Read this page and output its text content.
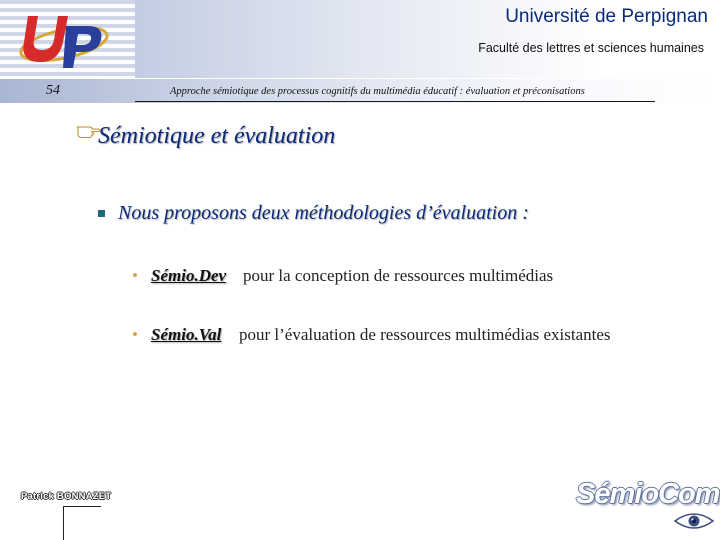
Université de Perpignan
Faculté des lettres et sciences humaines
54	Approche sémiotique des processus cognitifs du multimédia éducatif : évaluation et préconisations
Sémiotique et évaluation
Nous proposons deux méthodologies d’évaluation :
• Sémio.Dev pour la conception de ressources multimédias
• Sémio.Val pour l’évaluation de ressources multimédias existantes
Patrick BONNAZET	SémioCom
